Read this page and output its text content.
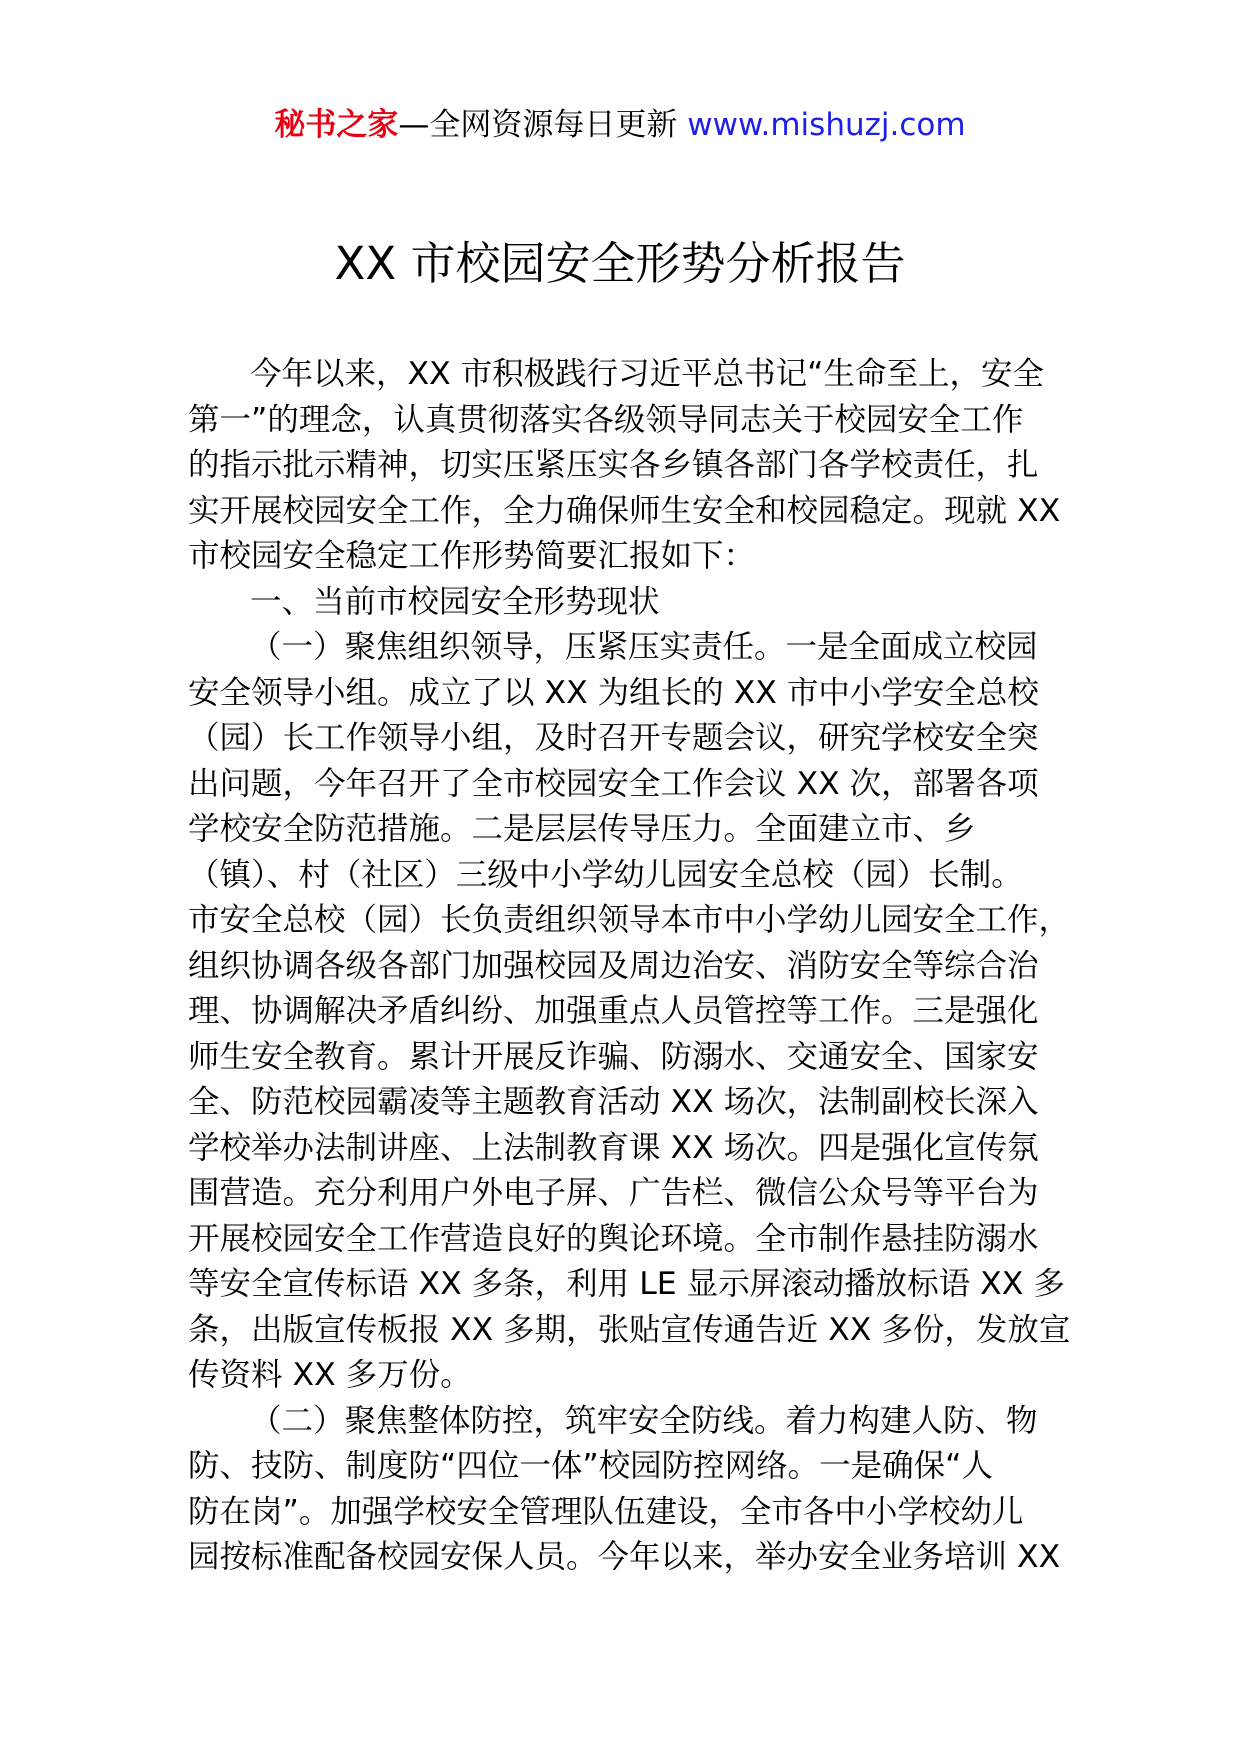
秘书之家—全网资源每日更新 www.mishuzj.com
XX 市校园安全形势分析报告
今年以来，XX 市积极践行习近平总书记“生命至上，安全
第一”的理念，认真贯彻落实各级领导同志关于校园安全工作
的指示批示精神，切实压紧压实各乡镇各部门各学校责任，扎
实开展校园安全工作，全力确保师生安全和校园稳定。现就 XX
市校园安全稳定工作形势简要汇报如下：
一、当前市校园安全形势现状
（一）聚焦组织领导，压紧压实责任。一是全面成立校园
安全领导小组。成立了以 XX 为组长的 XX 市中小学安全总校
（园）长工作领导小组，及时召开专题会议，研究学校安全突
出问题，今年召开了全市校园安全工作会议 XX 次，部署各项
学校安全防范措施。二是层层传导压力。全面建立市、乡
（镇）、村（社区）三级中小学幼儿园安全总校（园）长制。
市安全总校（园）长负责组织领导本市中小学幼儿园安全工作，
组织协调各级各部门加强校园及周边治安、消防安全等综合治
理、协调解决矛盾纠纷、加强重点人员管控等工作。三是强化
师生安全教育。累计开展反诈骗、防溺水、交通安全、国家安
全、防范校园霸凌等主题教育活动 XX 场次，法制副校长深入
学校举办法制讲座、上法制教育课 XX 场次。四是强化宣传氛
围营造。充分利用户外电子屏、广告栏、微信公众号等平台为
开展校园安全工作营造良好的舆论环境。全市制作悬挂防溺水
等安全宣传标语 XX 多条，利用 LE 显示屏滚动播放标语 XX 多
条，出版宣传板报 XX 多期，张贴宣传通告近 XX 多份，发放宣
传资料 XX 多万份。
（二）聚焦整体防控，筑牢安全防线。着力构建人防、物
防、技防、制度防“四位一体”校园防控网络。一是确保“人
防在岗”。加强学校安全管理队伍建设，全市各中小学校幼儿
园按标准配备校园安保人员。今年以来，举办安全业务培训 XX
